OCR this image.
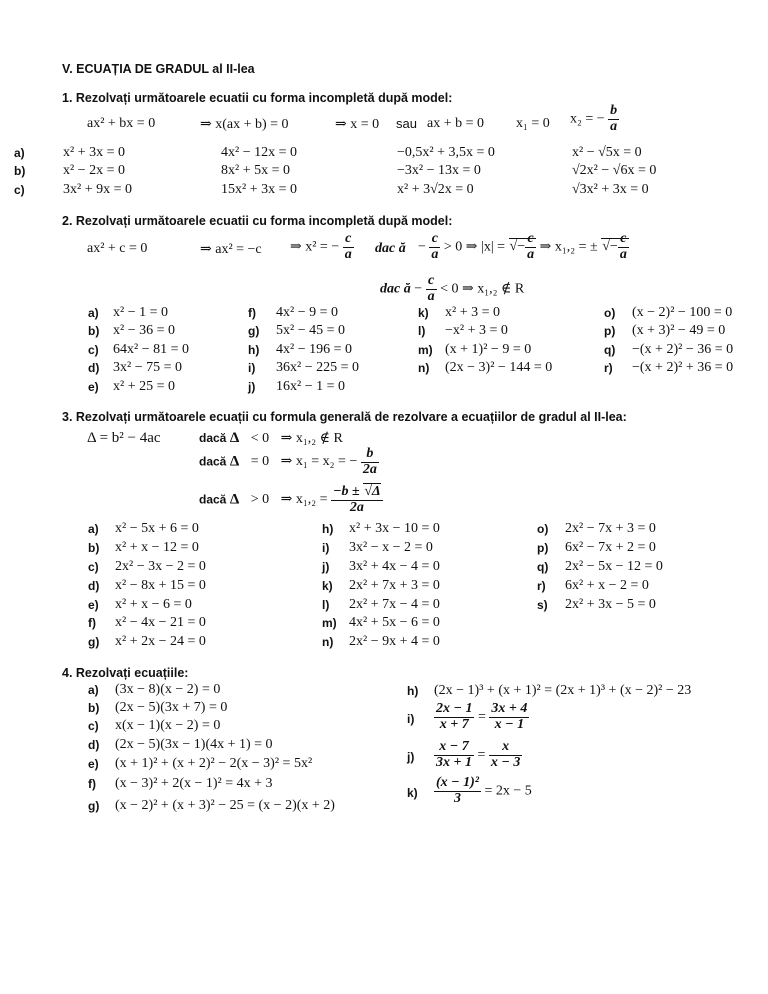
V. ECUAȚIA DE GRADUL al II-lea
1. Rezolvați următoarele ecuatii cu forma incompletă după model:
ax² + bx = 0	⇒ x(ax + b) = 0	⇒ x = 0 sau ax + b = 0 x₁ = 0 x₂ = − $\frac{b}{a}$
a)	x² + 3x = 0	4x² − 12x = 0	−0,5x² + 3,5x = 0	x² − √5x = 0
b)	x² − 2x = 0	8x² + 5x = 0	−3x² − 13x = 0	√2x² − √6x = 0
c)	3x² + 9x = 0	15x² + 3x = 0	x² + 3√2x = 0	√3x² + 3x = 0
2. Rezolvați următoarele ecuatii cu forma incompletă după model:
ax² + c = 0	⇒ ax² = −c ⇒ x² = − $\frac{c}{a}$ dac ă − $\frac{c}{a} > 0$ ⇒ |x| = √− $\frac{c}{a}$ ⇒ x₁,₂ = ± √− $\frac{c}{a}$
dac ă − $\frac{c}{a} < 0$ ⇒ x₁,₂ ∉ R
a) x² − 1 = 0
b) x² − 36 = 0
c) 64x² − 81 = 0
d) 3x² − 75 = 0
e) x² + 25 = 0
f) 4x² − 9 = 0
g) 5x² − 45 = 0
h) 4x² − 196 = 0
i) 36x² − 225 = 0
j) 16x² − 1 = 0
k) x² + 3 = 0
l) −x² + 3 = 0
m) (x + 1)² − 9 = 0
n) (2x − 3)² − 144 = 0
o) (x − 2)² − 100 = 0
p) (x + 3)² − 49 = 0
q) −(x + 2)² − 36 = 0
r) −(x + 2)² + 36 = 0
3. Rezolvați următoarele ecuații cu formula generală de rezolvare a ecuațiilor de gradul al II-lea:
Δ = b² − 4ac	dacă Δ < 0 ⇒ x₁,₂ ∉ R
dacă Δ = 0 ⇒ x₁ = x₂ = − $\frac{b}{2a}$
dacă Δ > 0 ⇒ $x_1,_2 = \frac{-b \pm √\Delta}{2a}$
a) x² − 5x + 6 = 0
b) x² + x − 12 = 0
c) 2x² − 3x − 2 = 0
d) x² − 8x + 15 = 0
e) x² + x − 6 = 0
f) x² − 4x − 21 = 0
g) x² + 2x − 24 = 0
h) x² + 3x − 10 = 0
i) 3x² − x − 2 = 0
j) 3x² + 4x − 4 = 0
k) 2x² + 7x + 3 = 0
l) 2x² + 7x − 4 = 0
m) 4x² + 5x − 6 = 0
n) 2x² − 9x + 4 = 0
o) 2x² − 7x + 3 = 0
p) 6x² − 7x + 2 = 0
q) 2x² − 5x − 12 = 0
r) 6x² + x − 2 = 0
s) 2x² + 3x − 5 = 0
4. Rezolvați ecuațiile:
a) (3x − 8)(x − 2) = 0
b) (2x − 5)(3x + 7) = 0
c) x(x − 1)(x − 2) = 0
d) (2x − 5)(3x − 1)(4x + 1) = 0
e) (x + 1)² + (x + 2)² − 2(x − 3)² = 5x²
f) (x − 3)² + 2(x − 1)² = 4x + 3
g) (x − 2)² + (x + 3)² − 25 = (x − 2)(x + 2)
h) (2x − 1)³ + (x + 1)² = (2x + 1)³ + (x − 2)² − 23
$i) \frac{2x - 1}{x + 7} = \frac{3x + 4}{x - 1}$
$j) \frac{x - 7}{3x + 1} = \frac{x}{x - 3}$
$k) \frac{\text{(x − 1)²}}{3} = 2x - 5$
